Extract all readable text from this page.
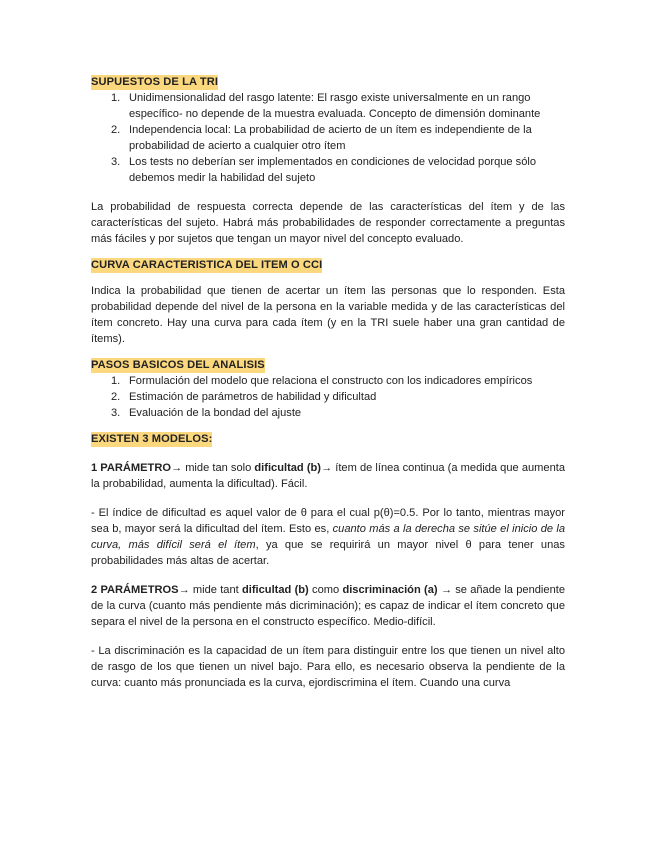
SUPUESTOS DE LA TRI
1. Unidimensionalidad del rasgo latente: El rasgo existe universalmente en un rango específico- no depende de la muestra evaluada. Concepto de dimensión dominante
2. Independencia local: La probabilidad de acierto de un ítem es independiente de la probabilidad de acierto a cualquier otro ítem
3. Los tests no deberían ser implementados en condiciones de velocidad porque sólo debemos medir la habilidad del sujeto

La probabilidad de respuesta correcta depende de las características del ítem y de las características del sujeto. Habrá más probabilidades de responder correctamente a preguntas más fáciles y por sujetos que tengan un mayor nivel del concepto evaluado.

CURVA CARACTERISTICA DEL ITEM O CCI

Indica la probabilidad que tienen de acertar un ítem las personas que lo responden. Esta probabilidad depende del nivel de la persona en la variable medida y de las características del ítem concreto. Hay una curva para cada ítem (y en la TRI suele haber una gran cantidad de ítems).

PASOS BASICOS DEL ANALISIS
1. Formulación del modelo que relaciona el constructo con los indicadores empíricos
2. Estimación de parámetros de habilidad y dificultad
3. Evaluación de la bondad del ajuste
EXISTEN 3 MODELOS:

1 PARÁMETRO→ mide tan solo dificultad (b)→ ítem de línea continua (a medida que aumenta la probabilidad, aumenta la dificultad). Fácil.

- El índice de dificultad es aquel valor de θ para el cual p(θ)=0.5. Por lo tanto, mientras mayor sea b, mayor será la dificultad del ítem. Esto es, cuanto más a la derecha se sitúe el inicio de la curva, más difícil será el ítem, ya que se requirirá un mayor nivel θ para tener unas probabilidades más altas de acertar.

2 PARÁMETROS→ mide tant dificultad (b) como discriminación (a) → se añade la pendiente de la curva (cuanto más pendiente más dicriminación); es capaz de indicar el ítem concreto que separa el nivel de la persona en el constructo específico. Medio-difícil.

- La discriminación es la capacidad de un ítem para distinguir entre los que tienen un nivel alto de rasgo de los que tienen un nivel bajo. Para ello, es necesario observa la pendiente de la curva: cuanto más pronunciada es la curva, ejordiscrimina el ítem. Cuando una curva
